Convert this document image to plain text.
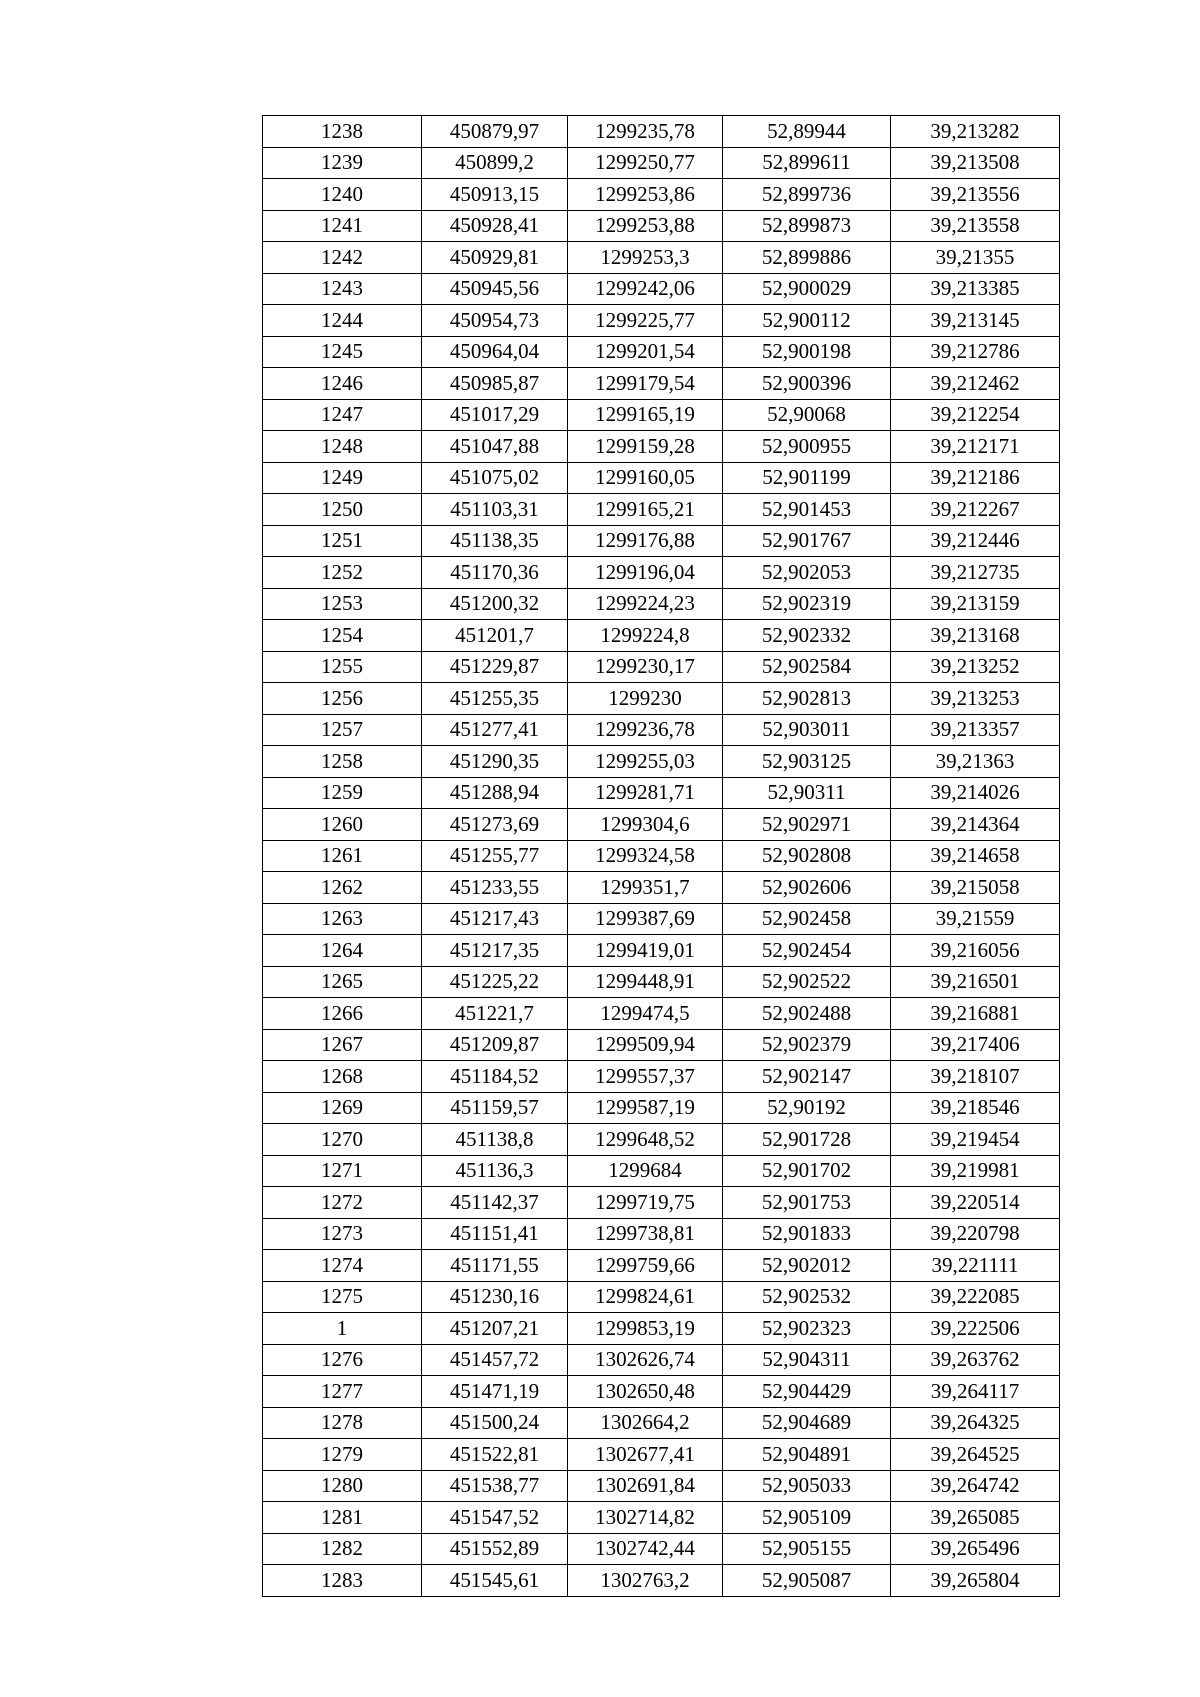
1238	450879,97	1299235,78	52,89944	39,213282
1239	450899,2	1299250,77	52,899611	39,213508
1240	450913,15	1299253,86	52,899736	39,213556
1241	450928,41	1299253,88	52,899873	39,213558
1242	450929,81	1299253,3	52,899886	39,21355
1243	450945,56	1299242,06	52,900029	39,213385
1244	450954,73	1299225,77	52,900112	39,213145
1245	450964,04	1299201,54	52,900198	39,212786
1246	450985,87	1299179,54	52,900396	39,212462
1247	451017,29	1299165,19	52,90068	39,212254
1248	451047,88	1299159,28	52,900955	39,212171
1249	451075,02	1299160,05	52,901199	39,212186
1250	451103,31	1299165,21	52,901453	39,212267
1251	451138,35	1299176,88	52,901767	39,212446
1252	451170,36	1299196,04	52,902053	39,212735
1253	451200,32	1299224,23	52,902319	39,213159
1254	451201,7	1299224,8	52,902332	39,213168
1255	451229,87	1299230,17	52,902584	39,213252
1256	451255,35	1299230	52,902813	39,213253
1257	451277,41	1299236,78	52,903011	39,213357
1258	451290,35	1299255,03	52,903125	39,21363
1259	451288,94	1299281,71	52,90311	39,214026
1260	451273,69	1299304,6	52,902971	39,214364
1261	451255,77	1299324,58	52,902808	39,214658
1262	451233,55	1299351,7	52,902606	39,215058
1263	451217,43	1299387,69	52,902458	39,21559
1264	451217,35	1299419,01	52,902454	39,216056
1265	451225,22	1299448,91	52,902522	39,216501
1266	451221,7	1299474,5	52,902488	39,216881
1267	451209,87	1299509,94	52,902379	39,217406
1268	451184,52	1299557,37	52,902147	39,218107
1269	451159,57	1299587,19	52,90192	39,218546
1270	451138,8	1299648,52	52,901728	39,219454
1271	451136,3	1299684	52,901702	39,219981
1272	451142,37	1299719,75	52,901753	39,220514
1273	451151,41	1299738,81	52,901833	39,220798
1274	451171,55	1299759,66	52,902012	39,221111
1275	451230,16	1299824,61	52,902532	39,222085
1	451207,21	1299853,19	52,902323	39,222506
1276	451457,72	1302626,74	52,904311	39,263762
1277	451471,19	1302650,48	52,904429	39,264117
1278	451500,24	1302664,2	52,904689	39,264325
1279	451522,81	1302677,41	52,904891	39,264525
1280	451538,77	1302691,84	52,905033	39,264742
1281	451547,52	1302714,82	52,905109	39,265085
1282	451552,89	1302742,44	52,905155	39,265496
1283	451545,61	1302763,2	52,905087	39,265804
